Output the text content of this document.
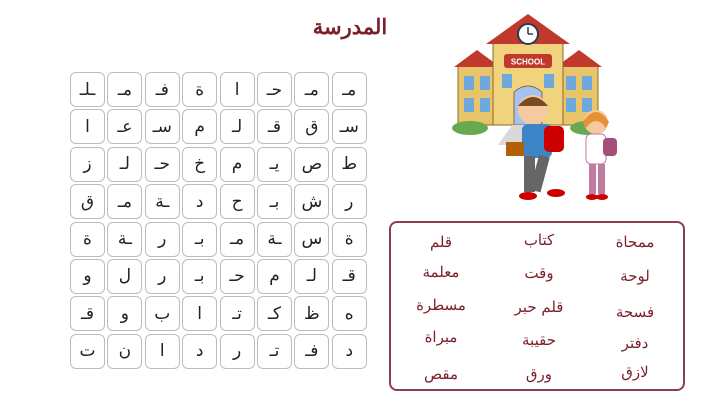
المدرسة
ـلـ	مـ	فـ	ة	ا	حـ	مـ	مـ
ا	عـ	سـ	م	لـ	قـ	ق	سـ
ز	لـ	حـ	خ	م	يـ	ص	ط
ق	مـ	ـة	د	ح	بـ	ش	ر
ة	ـة	ر	بـ	مـ	ـة	س	ة
و	ل	ر	بـ	حـ	م	لـ	قـ
قـ	و	ب	ا	تـ	كـ	ظ	ه
ت	ن	ا	د	ر	تـ	فـ	د
SCHOOL
ممحاة
لوحة
فسحة
دفتر
لازق
كتاب
وقت
قلم حبر
حقيبة
ورق
قلم
معلمة
مسطرة
مبراة
مقص
